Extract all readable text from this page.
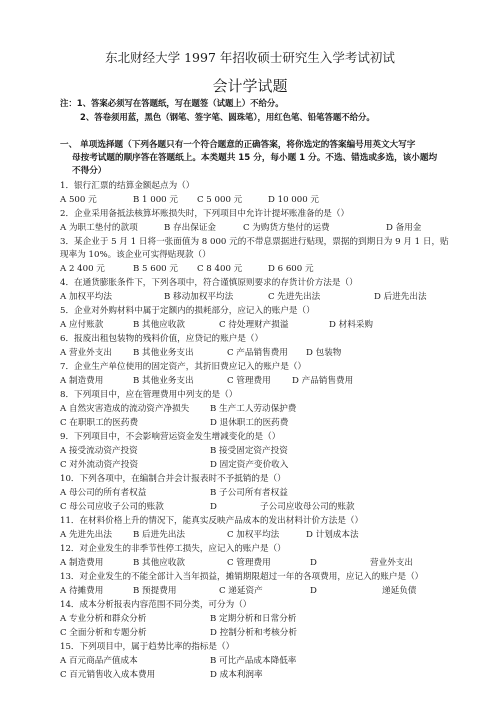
东北财经大学 1997 年招收硕士研究生入学考试初试
会计学试题
注：1、答案必须写在答题纸，写在题签（试题上）不给分。
2、答卷须用蓝，黑色（钢笔、签字笔、圆珠笔），用红色笔、铅笔答题不给分。
一、 单项选择题（下列各题只有一个符合题意的正确答案，将你选定的答案编号用英文大写字
母按考试题的顺序答在答题纸上。本类题共 15 分，每小题 1 分。不选、错选或多选，该小题均
不得分）
1．银行汇票的结算金额起点为（）
A 500 元	B 1 000 元 C 5 000 元	D 10 000 元
2．企业采用备抵法核算坏账损失时，下列项目中允许计提坏账准备的是（）
A 为职工垫付的款项	B 存出保证金	C 为购货方垫付的运费	D 备用金
3．某企业于 5 月 1 日将一张面值为 8 000 元的不带息票据进行贴现，票据的到期日为 9 月 1 日，贴
现率为 10%。该企业可实得贴现款（）
A 2 400 元	B 5 600 元 C 8 400 元	D 6 600 元
4．在通货膨胀条件下，下列各项中，符合谨慎原则要求的存货计价方法是（）
A 加权平均法	B 移动加权平均法	C 先进先出法	D 后进先出法
5．企业对外购材料中属于定额内的损耗部分，应记入的账户是（）
A 应付账款	B 其他应收款	C 待处理财产损溢	D 材料采购
6．报废出租包装物的残料价值，应贷记的账户是（）
A 营业外支出 B 其他业务支出	C 产品销售费用 D 包装物
7．企业生产单位使用的固定资产，其折旧费应记入的账户是（）
A 制造费用	B 其他业务支出	C 管理费用 D 产品销售费用
8．下列项目中，应在管理费用中列支的是（）
A 自然灾害造成的流动资产净损失 B 生产工人劳动保护费
C 在职职工的医药费	D 退休职工的医药费
9．下列项目中，不会影响营运资金发生增减变化的是（）
A 接受流动资产投资	B 接受固定资产投资
C 对外流动资产投资	D 固定资产变价收入
10．下列各项中，在编制合并会计报表时不予抵销的是（）
A 母公司的所有者权益	B 子公司所有者权益
C 母公司应收子公司的账款	D	子公司应收母公司的账款
11．在材料价格上升的情况下，能真实反映产品成本的发出材料计价方法是（）
A 先进先出法 B 后进先出法	C 加权平均法	D 计划成本法
12．对企业发生的非季节性停工损失，应记入的账户是（）
A 制造费用	B 其他应收款	C 管理费用	D	营业外支出
13．对企业发生的不能全部计入当年损益，摊销期限超过一年的各项费用，应记入的账户是（）
A 待摊费用	B 预提费用	C 递延资产	D	递延负债
14．成本分析报表内容范围不同分类，可分为（）
A 专业分析和群众分析	B 定期分析和日常分析
C 全面分析和专题分析	D 控制分析和考核分析
15．下列项目中，属于趋势比率的指标是（）
A 百元商品产值成本	B 可比产品成本降低率
C 百元销售收入成本费用	D 成本利润率
